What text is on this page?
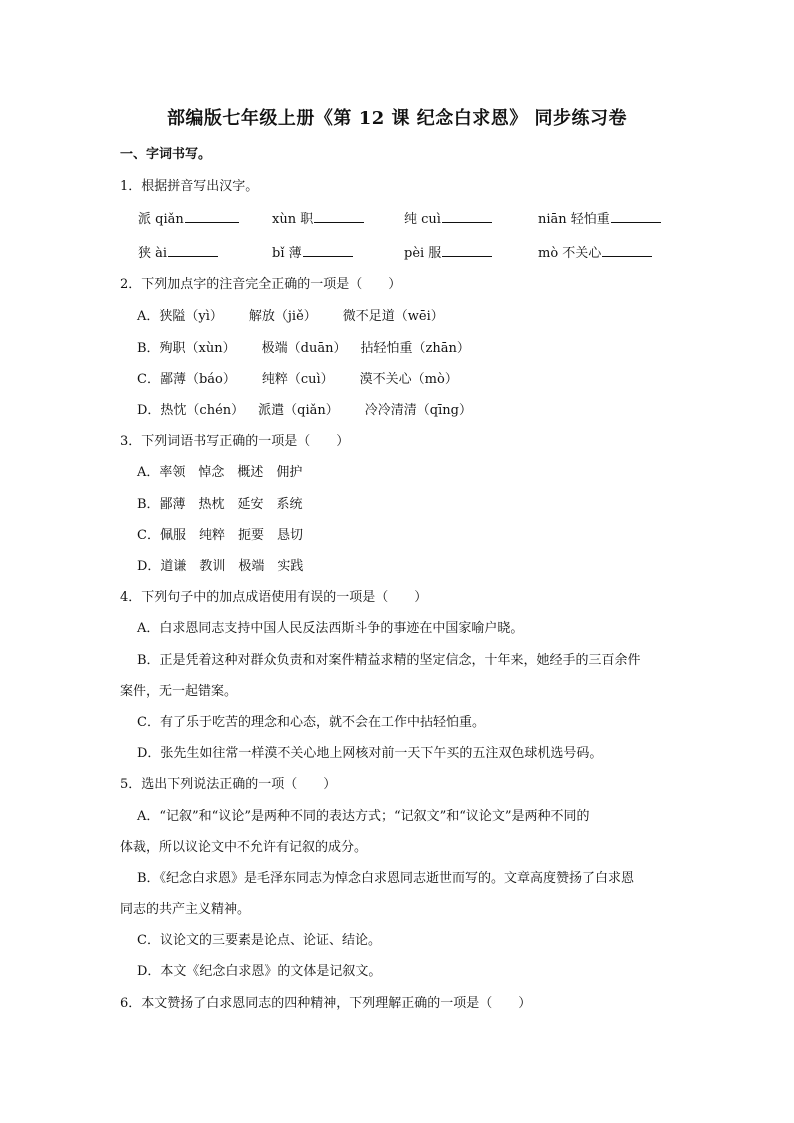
部编版七年级上册《第 12 课 纪念白求恩》 同步练习卷
一、字词书写。
1．根据拼音写出汉字。
派 qiǎn	xùn 职	纯 cuì	niān 轻怕重
狭 ài	bǐ 薄	pèi 服	mò 不关心
2．下列加点字的注音完全正确的一项是（　　）
A．狭隘（yì） 解放（jiě） 微不足道（wēi）
B．殉职（xùn） 极端（duān） 拈轻怕重（zhān）
C．鄙薄（báo） 纯粹（cuì） 漠不关心（mò）
D．热忱（chén） 派遣（qiǎn） 冷冷清清（qīng）
3．下列词语书写正确的一项是（　　）
A．率领　悼念　概述　佣护
B．鄙薄　热枕　延安　系统
C．佩服　纯粹　扼要　恳切
D．道谦　教训　极端　实践
4．下列句子中的加点成语使用有误的一项是（　　）
A．白求恩同志支持中国人民反法西斯斗争的事迹在中国家喻户晓。
B．正是凭着这种对群众负责和对案件精益求精的坚定信念，十年来，她经手的三百余件
案件，无一起错案。
C．有了乐于吃苦的理念和心态，就不会在工作中拈轻怕重。
D．张先生如往常一样漠不关心地上网核对前一天下午买的五注双色球机选号码。
5．选出下列说法正确的一项（　　）
A．“记叙”和“议论”是两种不同的表达方式；“记叙文”和“议论文”是两种不同的
体裁，所以议论文中不允许有记叙的成分。
B．《纪念白求恩》是毛泽东同志为悼念白求恩同志逝世而写的。文章高度赞扬了白求恩
同志的共产主义精神。
C．议论文的三要素是论点、论证、结论。
D．本文《纪念白求恩》的文体是记叙文。
6．本文赞扬了白求恩同志的四种精神，下列理解正确的一项是（　　）
